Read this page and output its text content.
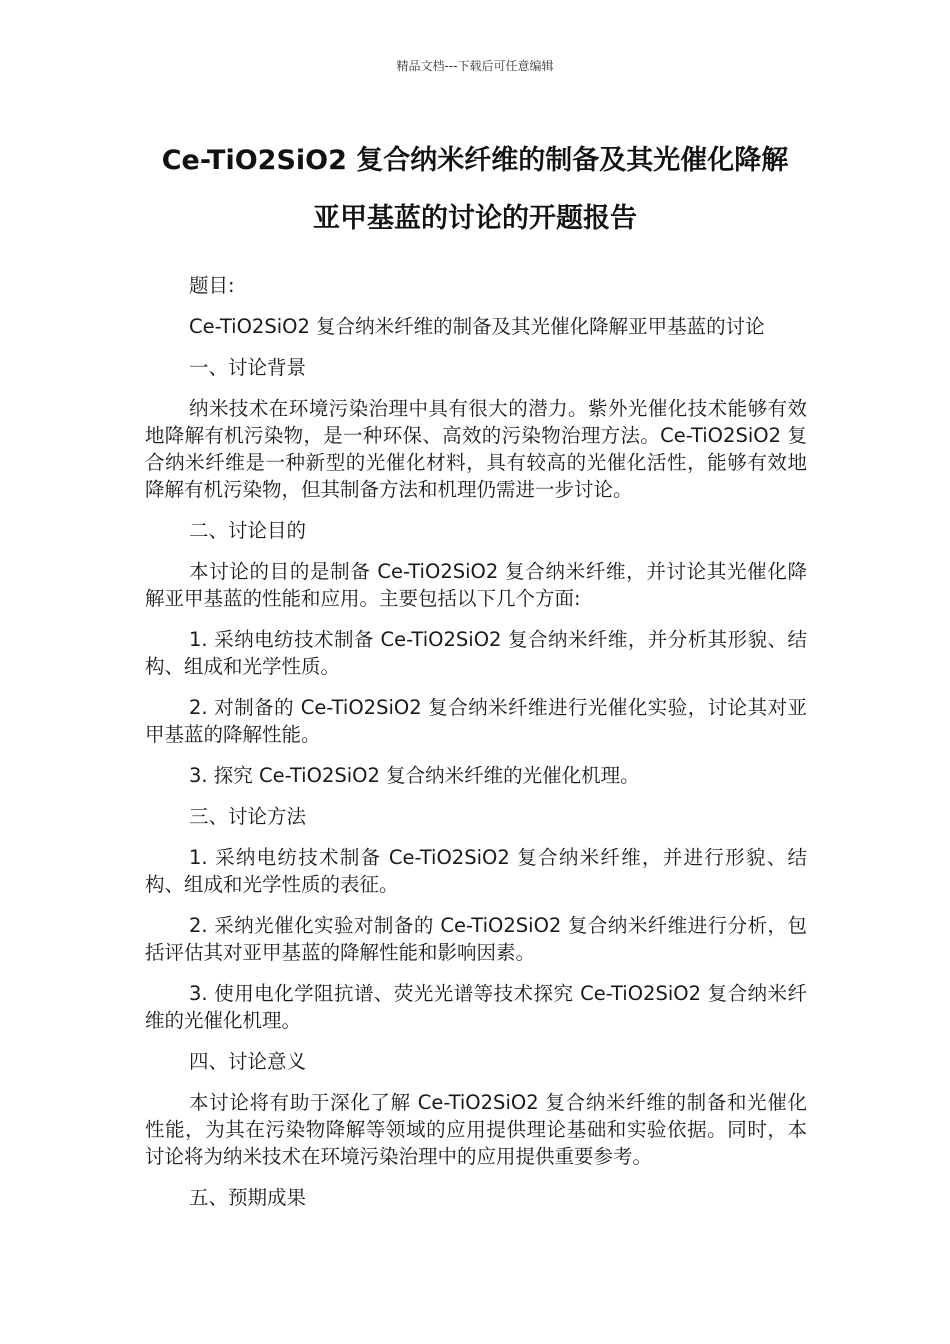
精品文档---下载后可任意编辑
Ce-TiO2SiO2 复合纳米纤维的制备及其光催化降解
亚甲基蓝的讨论的开题报告

题目:

Ce-TiO2SiO2 复合纳米纤维的制备及其光催化降解亚甲基蓝的讨论

一、讨论背景

纳米技术在环境污染治理中具有很大的潜力。紫外光催化技术能够有效地降解有机污染物，是一种环保、高效的污染物治理方法。Ce-TiO2SiO2 复合纳米纤维是一种新型的光催化材料，具有较高的光催化活性，能够有效地降解有机污染物，但其制备方法和机理仍需进一步讨论。

二、讨论目的

本讨论的目的是制备 Ce-TiO2SiO2 复合纳米纤维，并讨论其光催化降解亚甲基蓝的性能和应用。主要包括以下几个方面:

1. 采纳电纺技术制备 Ce-TiO2SiO2 复合纳米纤维，并分析其形貌、结构、组成和光学性质。

2. 对制备的 Ce-TiO2SiO2 复合纳米纤维进行光催化实验，讨论其对亚甲基蓝的降解性能。

3. 探究 Ce-TiO2SiO2 复合纳米纤维的光催化机理。

三、讨论方法

1. 采纳电纺技术制备 Ce-TiO2SiO2 复合纳米纤维，并进行形貌、结构、组成和光学性质的表征。

2. 采纳光催化实验对制备的 Ce-TiO2SiO2 复合纳米纤维进行分析，包括评估其对亚甲基蓝的降解性能和影响因素。

3. 使用电化学阻抗谱、荧光光谱等技术探究 Ce-TiO2SiO2 复合纳米纤维的光催化机理。

四、讨论意义

本讨论将有助于深化了解 Ce-TiO2SiO2 复合纳米纤维的制备和光催化性能，为其在污染物降解等领域的应用提供理论基础和实验依据。同时，本讨论将为纳米技术在环境污染治理中的应用提供重要参考。

五、预期成果
